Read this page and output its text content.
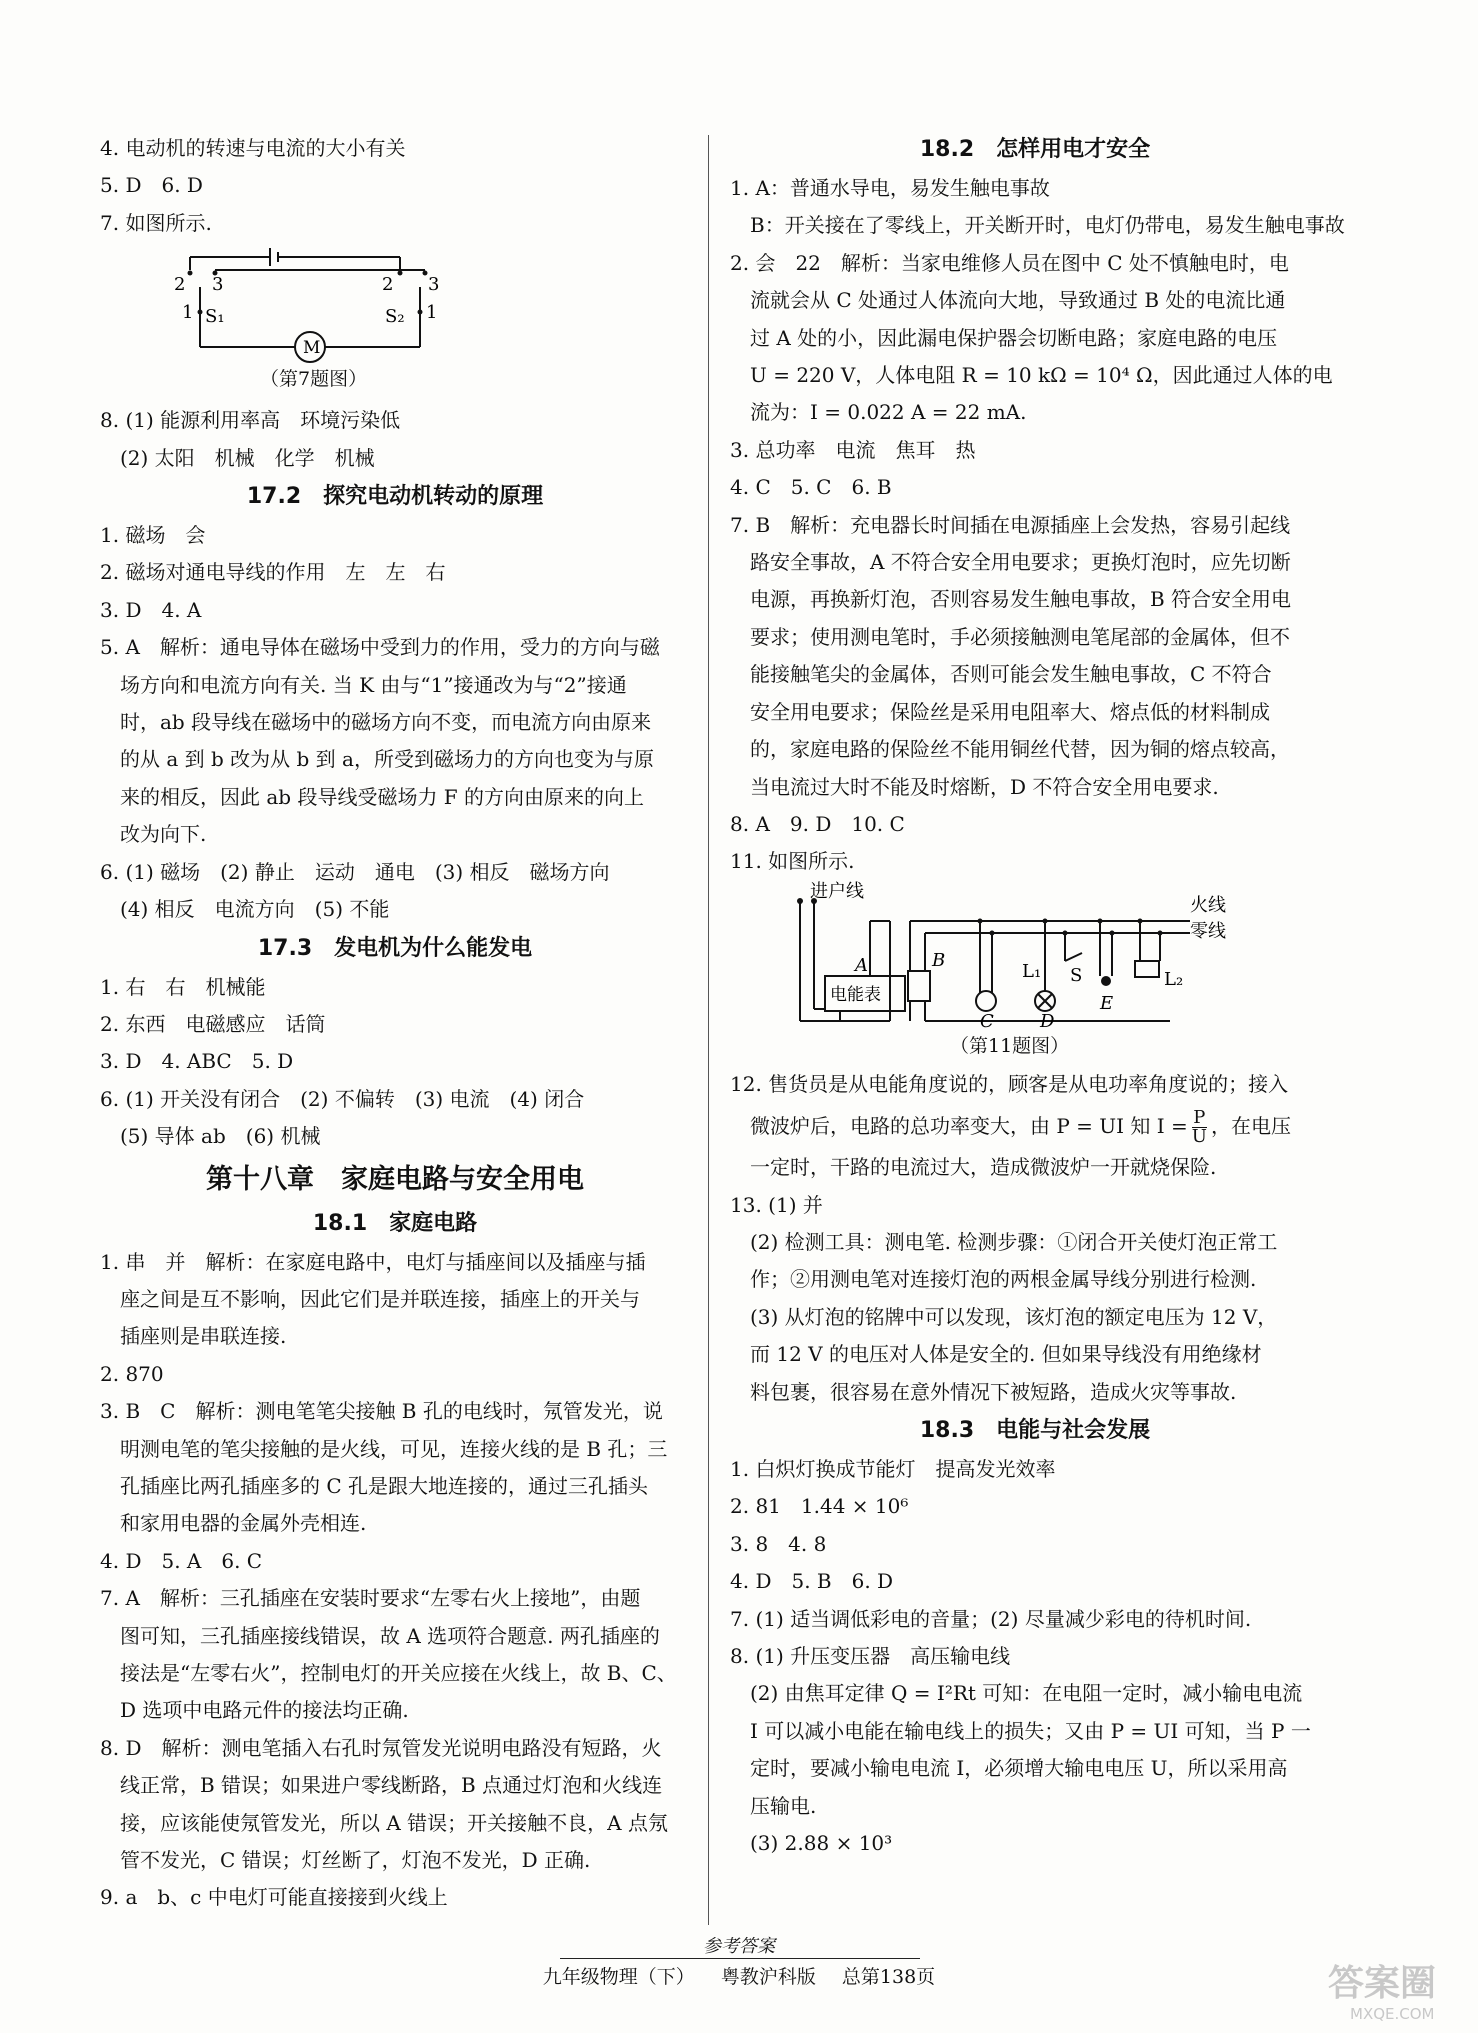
4. 电动机的转速与电流的大小有关
5. D　6. D
7. 如图所示.
2 3	2 3
1 S₁	S₂ 1
M
（第7题图）
8. (1) 能源利用率高　环境污染低
　(2) 太阳　机械　化学　机械
17.2　探究电动机转动的原理
1. 磁场　会
2. 磁场对通电导线的作用　左　左　右
3. D　4. A
5. A　解析：通电导体在磁场中受到力的作用，受力的方向与磁
　场方向和电流方向有关. 当 K 由与“1”接通改为与“2”接通
　时，ab 段导线在磁场中的磁场方向不变，而电流方向由原来
　的从 a 到 b 改为从 b 到 a，所受到磁场力的方向也变为与原
　来的相反，因此 ab 段导线受磁场力 F 的方向由原来的向上
　改为向下.
6. (1) 磁场　(2) 静止　运动　通电　(3) 相反　磁场方向
　(4) 相反　电流方向　(5) 不能
17.3　发电机为什么能发电
1. 右　右　机械能
2. 东西　电磁感应　话筒
3. D　4. ABC　5. D
6. (1) 开关没有闭合　(2) 不偏转　(3) 电流　(4) 闭合
　(5) 导体 ab　(6) 机械
第十八章　家庭电路与安全用电
18.1　家庭电路
1. 串　并　解析：在家庭电路中，电灯与插座间以及插座与插
　座之间是互不影响，因此它们是并联连接，插座上的开关与
　插座则是串联连接.
2. 870
3. B　C　解析：测电笔笔尖接触 B 孔的电线时，氖管发光，说
　明测电笔的笔尖接触的是火线，可见，连接火线的是 B 孔；三
　孔插座比两孔插座多的 C 孔是跟大地连接的，通过三孔插头
　和家用电器的金属外壳相连.
4. D　5. A　6. C
7. A　解析：三孔插座在安装时要求“左零右火上接地”，由题
　图可知，三孔插座接线错误，故 A 选项符合题意. 两孔插座的
　接法是“左零右火”，控制电灯的开关应接在火线上，故 B、C、
　D 选项中电路元件的接法均正确.
8. D　解析：测电笔插入右孔时氖管发光说明电路没有短路，火
　线正常，B 错误；如果进户零线断路，B 点通过灯泡和火线连
　接，应该能使氖管发光，所以 A 错误；开关接触不良，A 点氖
　管不发光，C 错误；灯丝断了，灯泡不发光，D 正确.
9. a　b、c 中电灯可能直接接到火线上
18.2　怎样用电才安全
1. A：普通水导电，易发生触电事故
　B：开关接在了零线上，开关断开时，电灯仍带电，易发生触电事故
2. 会　22　解析：当家电维修人员在图中 C 处不慎触电时，电
　流就会从 C 处通过人体流向大地，导致通过 B 处的电流比通
　过 A 处的小，因此漏电保护器会切断电路；家庭电路的电压
　U = 220 V，人体电阻 R = 10 kΩ = 10⁴ Ω，因此通过人体的电
　流为：I = 0.022 A = 22 mA.
3. 总功率　电流　焦耳　热
4. C　5. C　6. B
7. B　解析：充电器长时间插在电源插座上会发热，容易引起线
　路安全事故，A 不符合安全用电要求；更换灯泡时，应先切断
　电源，再换新灯泡，否则容易发生触电事故，B 符合安全用电
　要求；使用测电笔时，手必须接触测电笔尾部的金属体，但不
　能接触笔尖的金属体，否则可能会发生触电事故，C 不符合
　安全用电要求；保险丝是采用电阻率大、熔点低的材料制成
　的，家庭电路的保险丝不能用铜丝代替，因为铜的熔点较高，
　当电流过大时不能及时熔断，D 不符合安全用电要求.
8. A　9. D　10. C
11. 如图所示.
进户线
火线
零线
A
电能表
B
L₁ S	L₂
C	D
E
（第11题图）
12. 售货员是从电能角度说的，顾客是从电功率角度说的；接入
　微波炉后，电路的总功率变大，由 P = UI 知 $I = \frac{P}{U}$ ，在电压
　一定时，干路的电流过大，造成微波炉一开就烧保险.
13. (1) 并
　(2) 检测工具：测电笔. 检测步骤：①闭合开关使灯泡正常工
　作；②用测电笔对连接灯泡的两根金属导线分别进行检测.
　(3) 从灯泡的铭牌中可以发现，该灯泡的额定电压为 12 V，
　而 12 V 的电压对人体是安全的. 但如果导线没有用绝缘材
　料包裹，很容易在意外情况下被短路，造成火灾等事故.
18.3　电能与社会发展
1. 白炽灯换成节能灯　提高发光效率
2. 81　1.44 × 10⁶
3. 8　4. 8
4. D　5. B　6. D
7. (1) 适当调低彩电的音量；(2) 尽量减少彩电的待机时间.
8. (1) 升压变压器　高压输电线
　(2) 由焦耳定律 Q = I²Rt 可知：在电阻一定时，减小输电电流
　I 可以减小电能在输电线上的损失；又由 P = UI 可知，当 P 一
　定时，要减小输电电流 I，必须增大输电电压 U，所以采用高
　压输电.
　(3) 2.88 × 10³
参考答案
九年级物理（下） 粤教沪科版 总第138页	答案圈
MXQE.COM
